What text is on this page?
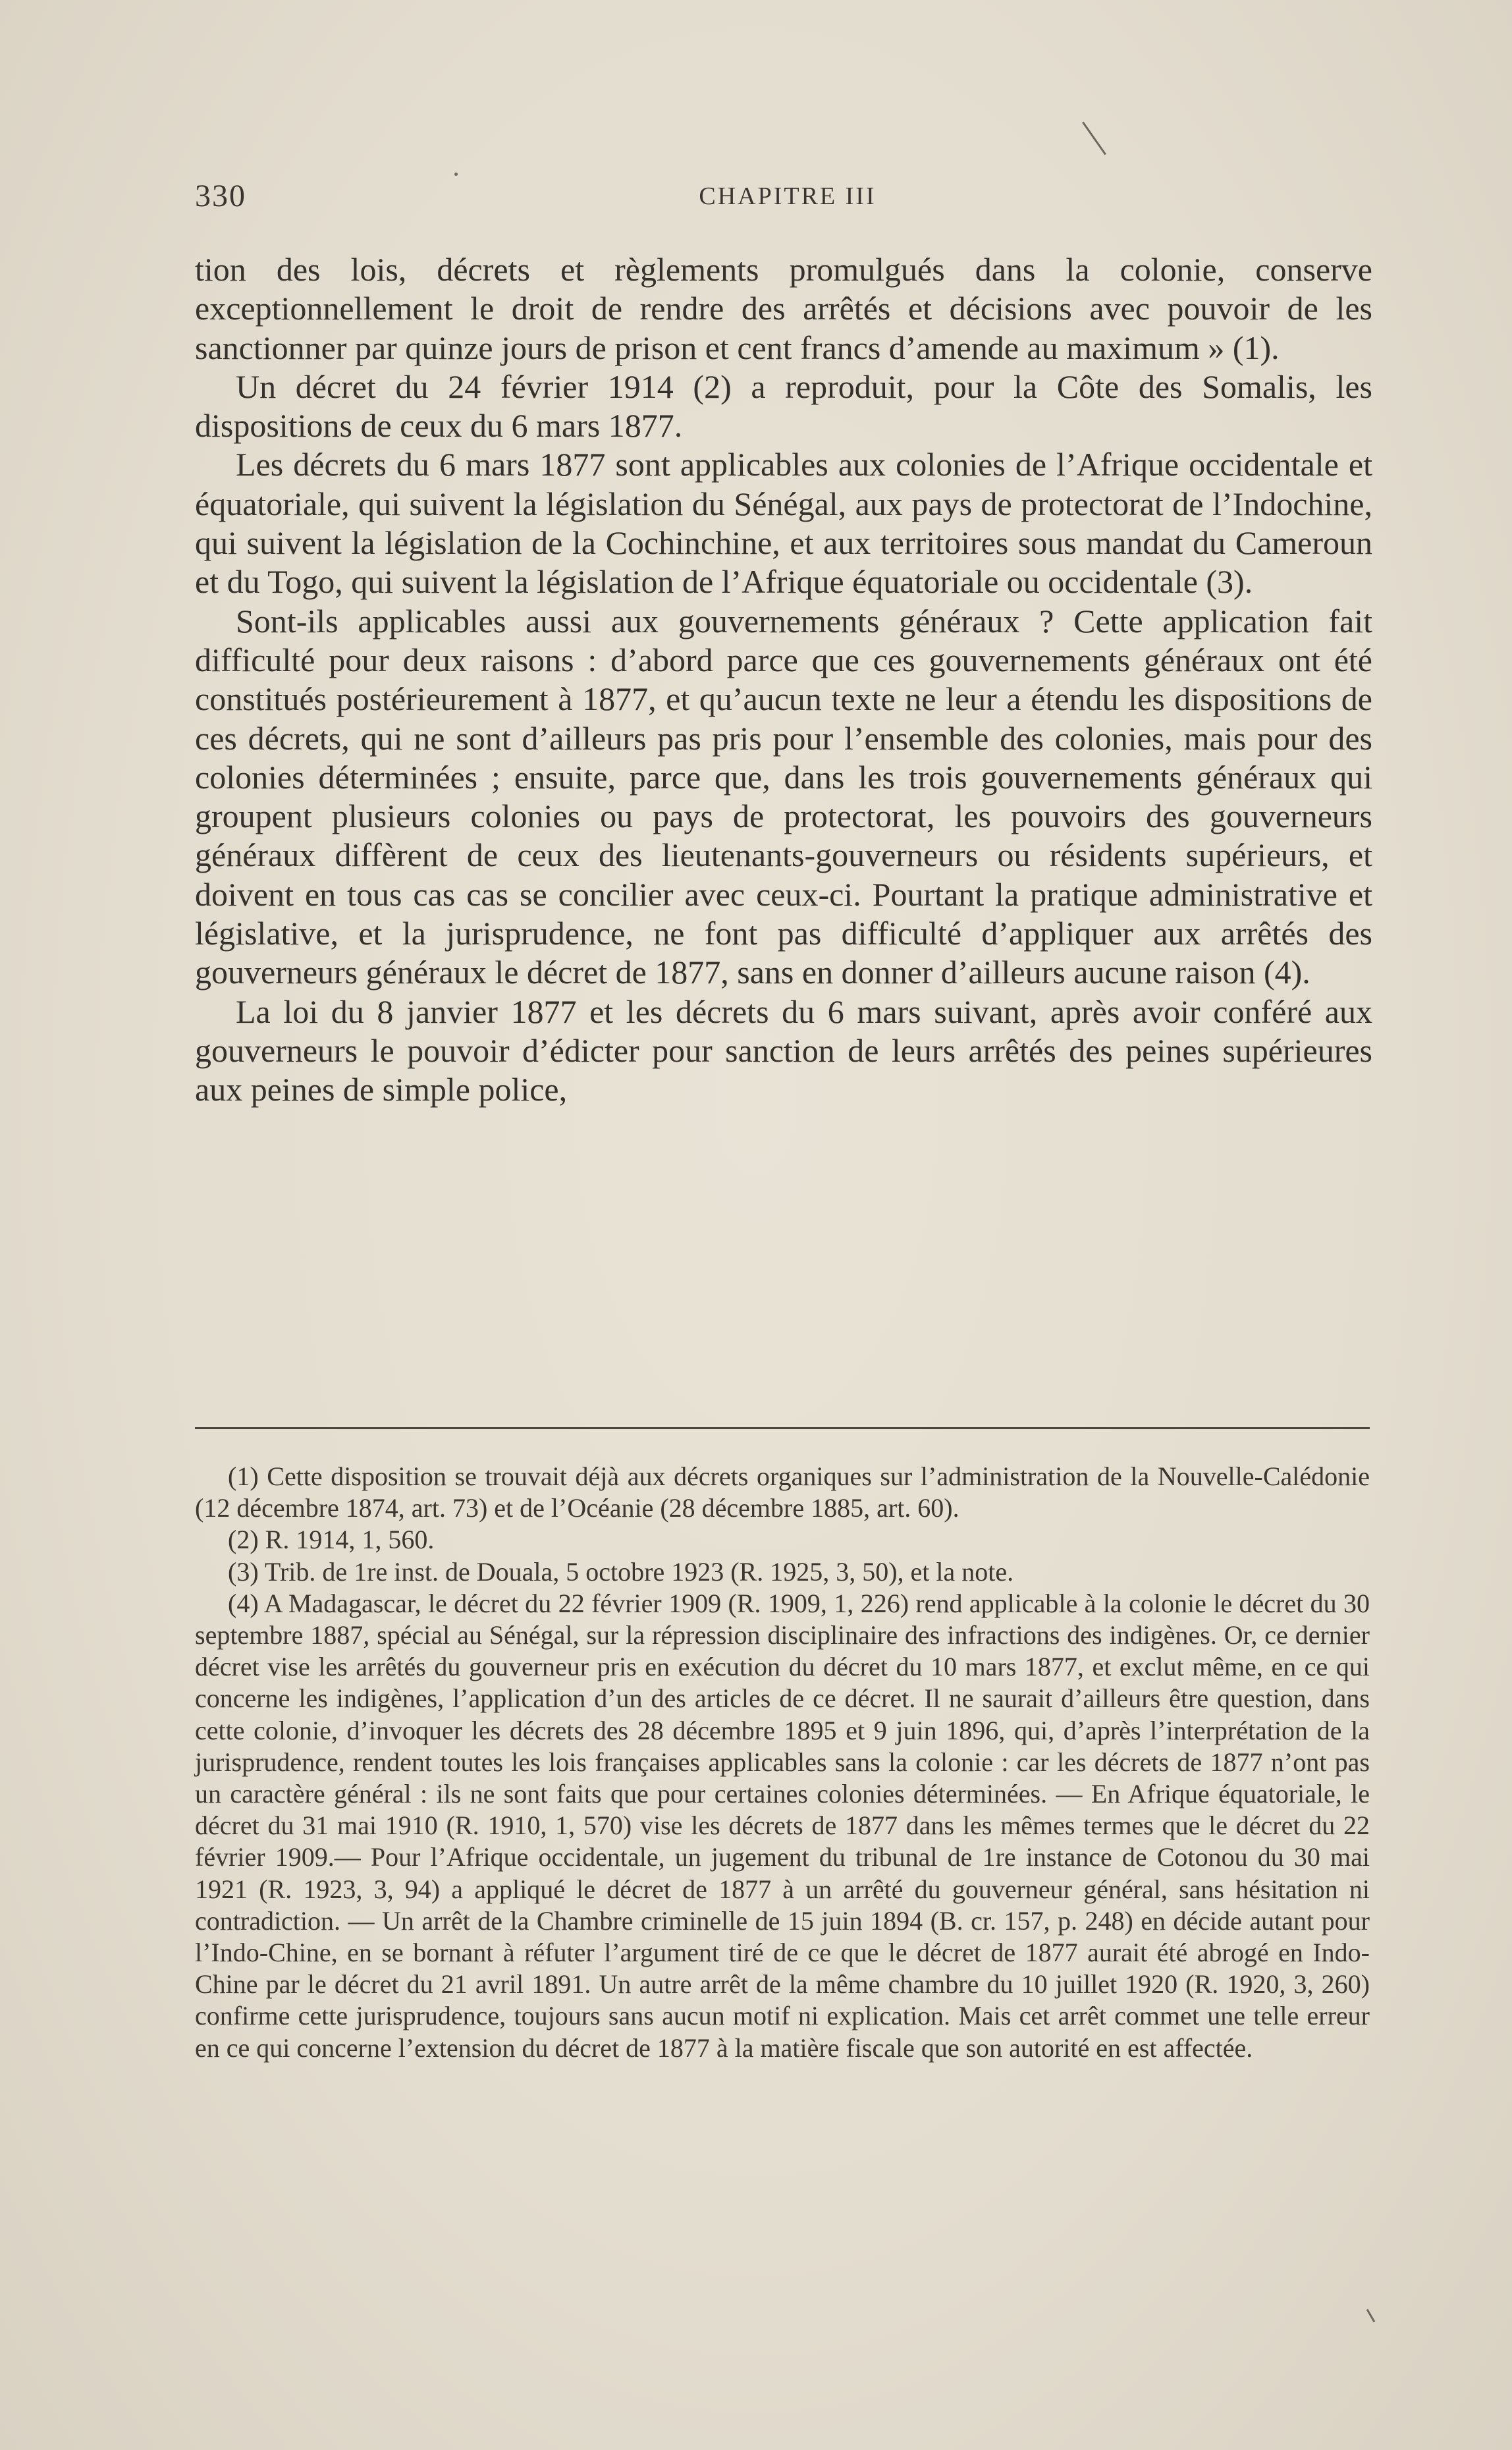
330	CHAPITRE III

tion des lois, décrets et règlements promulgués dans la colonie, conserve exceptionnellement le droit de rendre des arrêtés et décisions avec pouvoir de les sanctionner par quinze jours de prison et cent francs d’amende au maximum » (1).

Un décret du 24 février 1914 (2) a reproduit, pour la Côte des Somalis, les dispositions de ceux du 6 mars 1877.

Les décrets du 6 mars 1877 sont applicables aux colonies de l’Afrique occidentale et équatoriale, qui suivent la législation du Sénégal, aux pays de protectorat de l’Indochine, qui suivent la législation de la Cochinchine, et aux territoires sous mandat du Cameroun et du Togo, qui suivent la législation de l’Afrique équatoriale ou occidentale (3).

Sont-ils applicables aussi aux gouvernements généraux ? Cette application fait difficulté pour deux raisons : d’abord parce que ces gouvernements généraux ont été constitués postérieurement à 1877, et qu’aucun texte ne leur a étendu les dispositions de ces décrets, qui ne sont d’ailleurs pas pris pour l’ensemble des colonies, mais pour des colonies déterminées ; ensuite, parce que, dans les trois gouvernements généraux qui groupent plusieurs colonies ou pays de protectorat, les pouvoirs des gouverneurs généraux diffèrent de ceux des lieutenants-gouverneurs ou résidents supérieurs, et doivent en tous cas cas se concilier avec ceux-ci. Pourtant la pratique administrative et législative, et la jurisprudence, ne font pas difficulté d’appliquer aux arrêtés des gouverneurs généraux le décret de 1877, sans en donner d’ailleurs aucune raison (4).

La loi du 8 janvier 1877 et les décrets du 6 mars suivant, après avoir conféré aux gouverneurs le pouvoir d’édicter pour sanction de leurs arrêtés des peines supérieures aux peines de simple police,

(1) Cette disposition se trouvait déjà aux décrets organiques sur l’administration de la Nouvelle-Calédonie (12 décembre 1874, art. 73) et de l’Océanie (28 décembre 1885, art. 60).

(2) R. 1914, 1, 560.

(3) Trib. de 1re inst. de Douala, 5 octobre 1923 (R. 1925, 3, 50), et la note.

(4) A Madagascar, le décret du 22 février 1909 (R. 1909, 1, 226) rend applicable à la colonie le décret du 30 septembre 1887, spécial au Sénégal, sur la répression disciplinaire des infractions des indigènes. Or, ce dernier décret vise les arrêtés du gouverneur pris en exécution du décret du 10 mars 1877, et exclut même, en ce qui concerne les indigènes, l’application d’un des articles de ce décret. Il ne saurait d’ailleurs être question, dans cette colonie, d’invoquer les décrets des 28 décembre 1895 et 9 juin 1896, qui, d’après l’interprétation de la jurisprudence, rendent toutes les lois françaises applicables sans la colonie : car les décrets de 1877 n’ont pas un caractère général : ils ne sont faits que pour certaines colonies déterminées. — En Afrique équatoriale, le décret du 31 mai 1910 (R. 1910, 1, 570) vise les décrets de 1877 dans les mêmes termes que le décret du 22 février 1909.— Pour l’Afrique occidentale, un jugement du tribunal de 1re instance de Cotonou du 30 mai 1921 (R. 1923, 3, 94) a appliqué le décret de 1877 à un arrêté du gouverneur général, sans hésitation ni contradiction. — Un arrêt de la Chambre criminelle de 15 juin 1894 (B. cr. 157, p. 248) en décide autant pour l’Indo-Chine, en se bornant à réfuter l’argument tiré de ce que le décret de 1877 aurait été abrogé en Indo-Chine par le décret du 21 avril 1891. Un autre arrêt de la même chambre du 10 juillet 1920 (R. 1920, 3, 260) confirme cette jurisprudence, toujours sans aucun motif ni explication. Mais cet arrêt commet une telle erreur en ce qui concerne l’extension du décret de 1877 à la matière fiscale que son autorité en est affectée.
